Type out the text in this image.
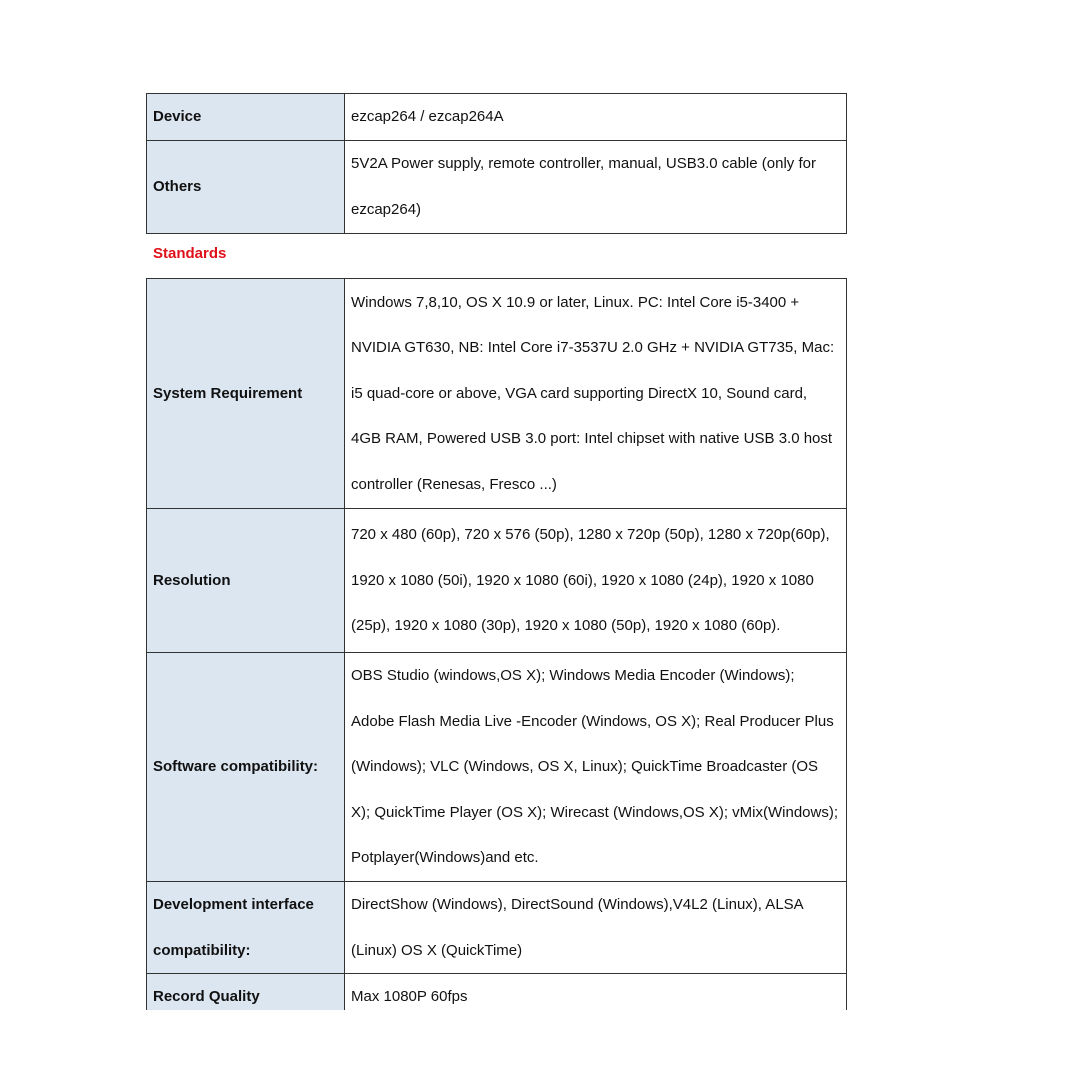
Device	ezcap264 / ezcap264A
Others	5V2A Power supply, remote controller, manual, USB3.0 cable (only for ezcap264)
Standards
System Requirement	Windows 7,8,10, OS X 10.9 or later, Linux. PC: Intel Core i5-3400 + NVIDIA GT630, NB: Intel Core i7-3537U 2.0 GHz + NVIDIA GT735, Mac: i5 quad-core or above, VGA card supporting DirectX 10, Sound card, 4GB RAM, Powered USB 3.0 port: Intel chipset with native USB 3.0 host controller (Renesas, Fresco ...)
Resolution	720 x 480 (60p), 720 x 576 (50p), 1280 x 720p (50p), 1280 x 720p(60p), 1920 x 1080 (50i), 1920 x 1080 (60i), 1920 x 1080 (24p), 1920 x 1080 (25p), 1920 x 1080 (30p), 1920 x 1080 (50p), 1920 x 1080 (60p).
Software compatibility:	OBS Studio (windows,OS X); Windows Media Encoder (Windows); Adobe Flash Media Live -Encoder (Windows, OS X); Real Producer Plus (Windows); VLC (Windows, OS X, Linux); QuickTime Broadcaster (OS X); QuickTime Player (OS X); Wirecast (Windows,OS X); vMix(Windows); Potplayer(Windows)and etc.
Development interface compatibility:	DirectShow (Windows), DirectSound (Windows),V4L2 (Linux), ALSA (Linux) OS X (QuickTime)
Record Quality	Max 1080P 60fps
